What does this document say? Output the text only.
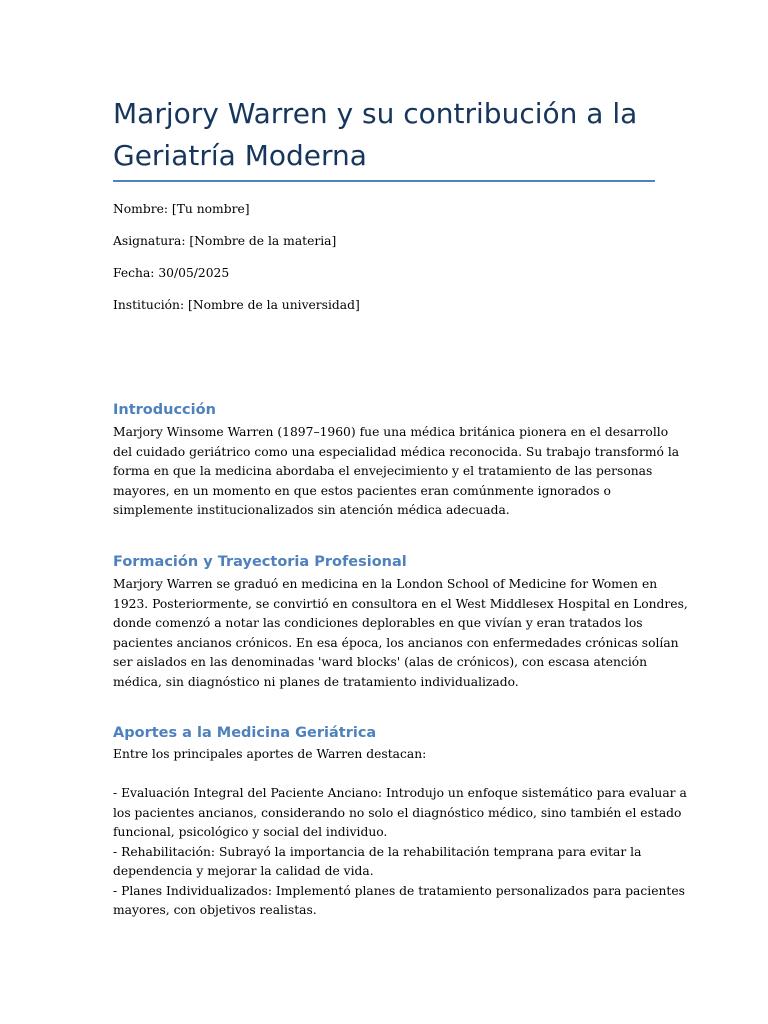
Marjory Warren y su contribución a la Geriatría Moderna

Nombre: [Tu nombre]

Asignatura: [Nombre de la materia]

Fecha: 30/05/2025

Institución: [Nombre de la universidad]

Introducción
Marjory Winsome Warren (1897–1960) fue una médica británica pionera en el desarrollo
del cuidado geriátrico como una especialidad médica reconocida. Su trabajo transformó la
forma en que la medicina abordaba el envejecimiento y el tratamiento de las personas
mayores, en un momento en que estos pacientes eran comúnmente ignorados o
simplemente institucionalizados sin atención médica adecuada.
Formación y Trayectoria Profesional
Marjory Warren se graduó en medicina en la London School of Medicine for Women en
1923. Posteriormente, se convirtió en consultora en el West Middlesex Hospital en Londres,
donde comenzó a notar las condiciones deplorables en que vivían y eran tratados los
pacientes ancianos crónicos. En esa época, los ancianos con enfermedades crónicas solían
ser aislados en las denominadas 'ward blocks' (alas de crónicos), con escasa atención
médica, sin diagnóstico ni planes de tratamiento individualizado.
Aportes a la Medicina Geriátrica
Entre los principales aportes de Warren destacan:

- Evaluación Integral del Paciente Anciano: Introdujo un enfoque sistemático para evaluar a
los pacientes ancianos, considerando no solo el diagnóstico médico, sino también el estado
funcional, psicológico y social del individuo.
- Rehabilitación: Subrayó la importancia de la rehabilitación temprana para evitar la
dependencia y mejorar la calidad de vida.
- Planes Individualizados: Implementó planes de tratamiento personalizados para pacientes
mayores, con objetivos realistas.
